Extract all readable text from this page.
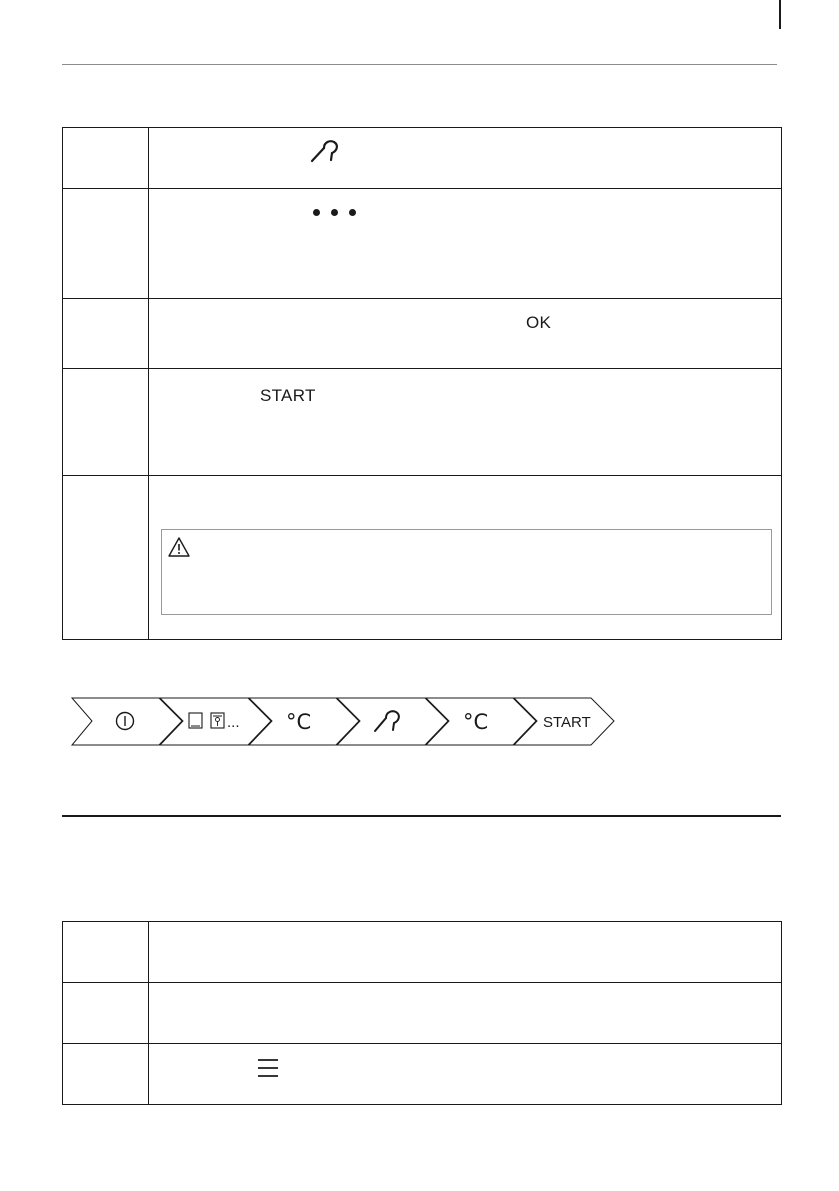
	OK

	START

... °C	°C	START
